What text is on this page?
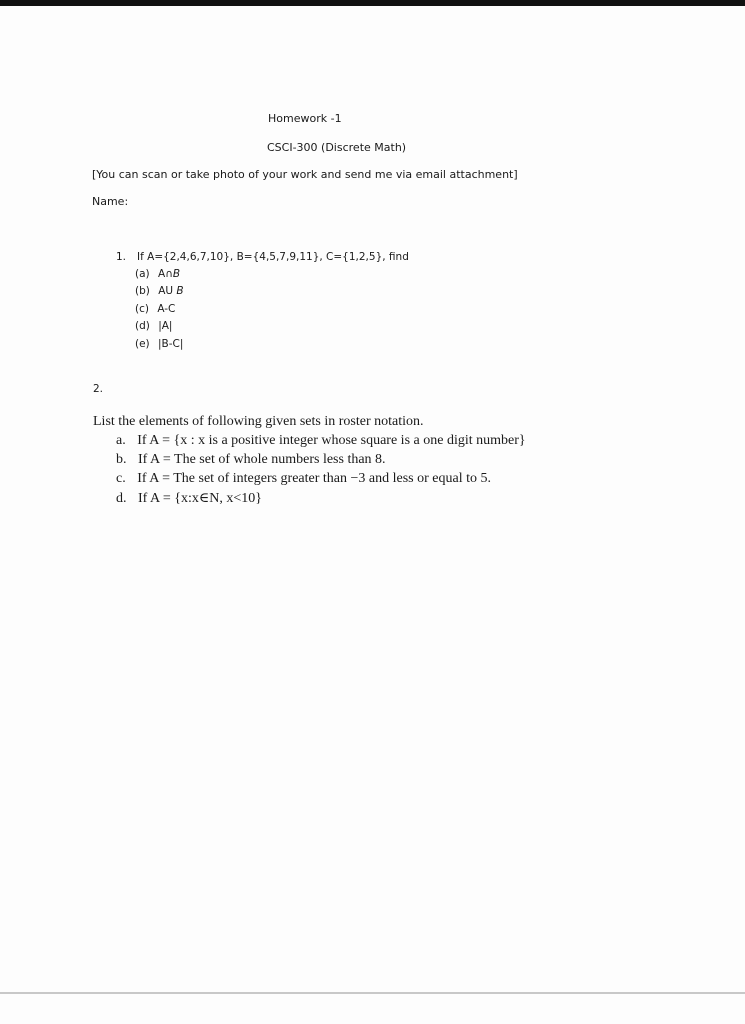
Homework -1
CSCI-300 (Discrete Math)
[You can scan or take photo of your work and send me via email attachment]
Name:
1. If A={2,4,6,7,10}, B={4,5,7,9,11}, C={1,2,5}, find
(a) A∩B
(b) AU B
(c) A-C
(d) |A|
(e) |B-C|
2.
List the elements of following given sets in roster notation.
a. If A = {x : x is a positive integer whose square is a one digit number}
b. If A = The set of whole numbers less than 8.
c. If A = The set of integers greater than −3 and less or equal to 5.
d. If A = {x:x∈N, x<10}
